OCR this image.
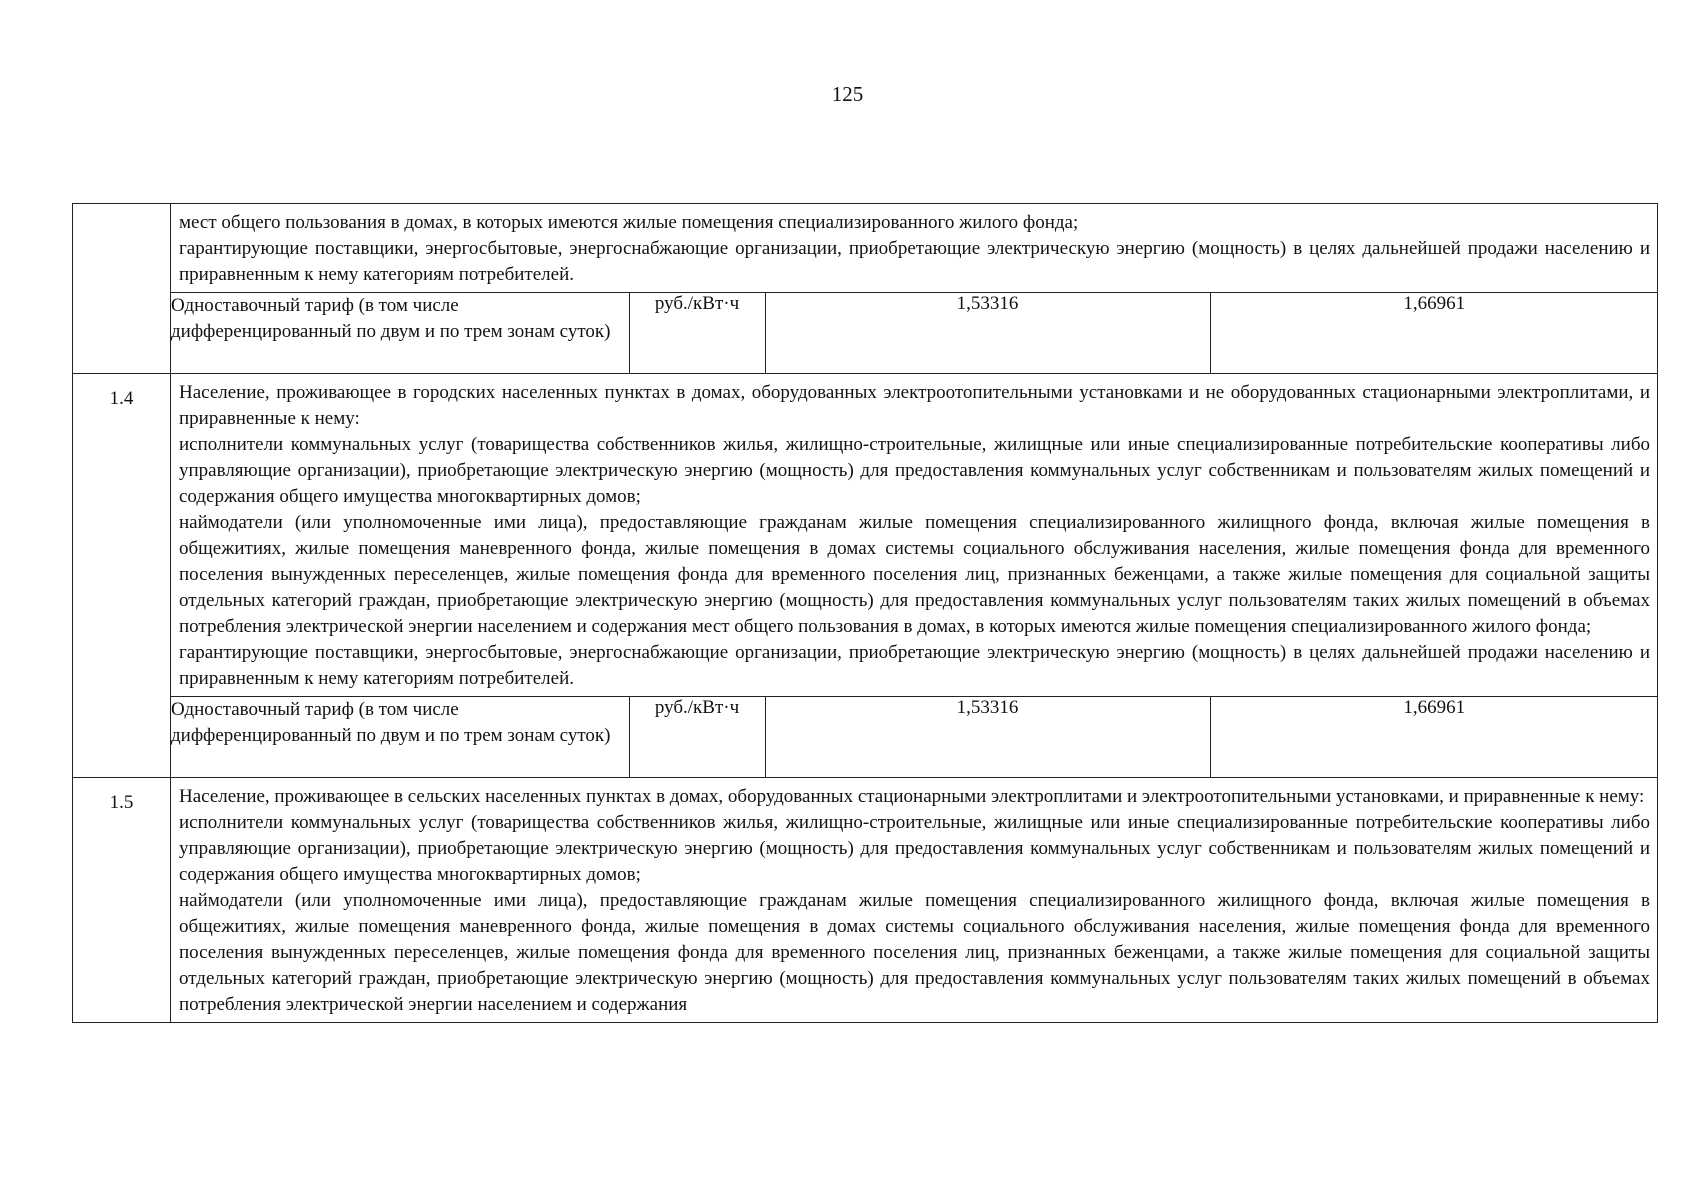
125

мест общего пользования в домах, в которых имеются жилые помещения специализированного жилого фонда;

гарантирующие поставщики, энергосбытовые, энергоснабжающие организации, приобретающие электрическую энергию (мощность) в целях дальнейшей продажи населению и приравненным к нему категориям потребителей.

Одноставочный тариф (в том числе дифференцированный по двум и по трем зонам суток)	руб./кВт·ч	1,53316	1,66961

1.4	Население, проживающее в городских населенных пунктах в домах, оборудованных электроотопительными установками и не оборудованных стационарными электроплитами, и приравненные к нему:

исполнители коммунальных услуг (товарищества собственников жилья, жилищно-строительные, жилищные или иные специализированные потребительские кооперативы либо управляющие организации), приобретающие электрическую энергию (мощность) для предоставления коммунальных услуг собственникам и пользователям жилых помещений и содержания общего имущества многоквартирных домов;

наймодатели (или уполномоченные ими лица), предоставляющие гражданам жилые помещения специализированного жилищного фонда, включая жилые помещения в общежитиях, жилые помещения маневренного фонда, жилые помещения в домах системы социального обслуживания населения, жилые помещения фонда для временного поселения вынужденных переселенцев, жилые помещения фонда для временного поселения лиц, признанных беженцами, а также жилые помещения для социальной защиты отдельных категорий граждан, приобретающие электрическую энергию (мощность) для предоставления коммунальных услуг пользователям таких жилых помещений в объемах потребления электрической энергии населением и содержания мест общего пользования в домах, в которых имеются жилые помещения специализированного жилого фонда;

гарантирующие поставщики, энергосбытовые, энергоснабжающие организации, приобретающие электрическую энергию (мощность) в целях дальнейшей продажи населению и приравненным к нему категориям потребителей.

Одноставочный тариф (в том числе дифференцированный по двум и по трем зонам суток)	руб./кВт·ч	1,53316	1,66961

1.5	Население, проживающее в сельских населенных пунктах в домах, оборудованных стационарными электроплитами и электроотопительными установками, и приравненные к нему:

исполнители коммунальных услуг (товарищества собственников жилья, жилищно-строительные, жилищные или иные специализированные потребительские кооперативы либо управляющие организации), приобретающие электрическую энергию (мощность) для предоставления коммунальных услуг собственникам и пользователям жилых помещений и содержания общего имущества многоквартирных домов;

наймодатели (или уполномоченные ими лица), предоставляющие гражданам жилые помещения специализированного жилищного фонда, включая жилые помещения в общежитиях, жилые помещения маневренного фонда, жилые помещения в домах системы социального обслуживания населения, жилые помещения фонда для временного поселения вынужденных переселенцев, жилые помещения фонда для временного поселения лиц, признанных беженцами, а также жилые помещения для социальной защиты отдельных категорий граждан, приобретающие электрическую энергию (мощность) для предоставления коммунальных услуг пользователям таких жилых помещений в объемах потребления электрической энергии населением и содержания
